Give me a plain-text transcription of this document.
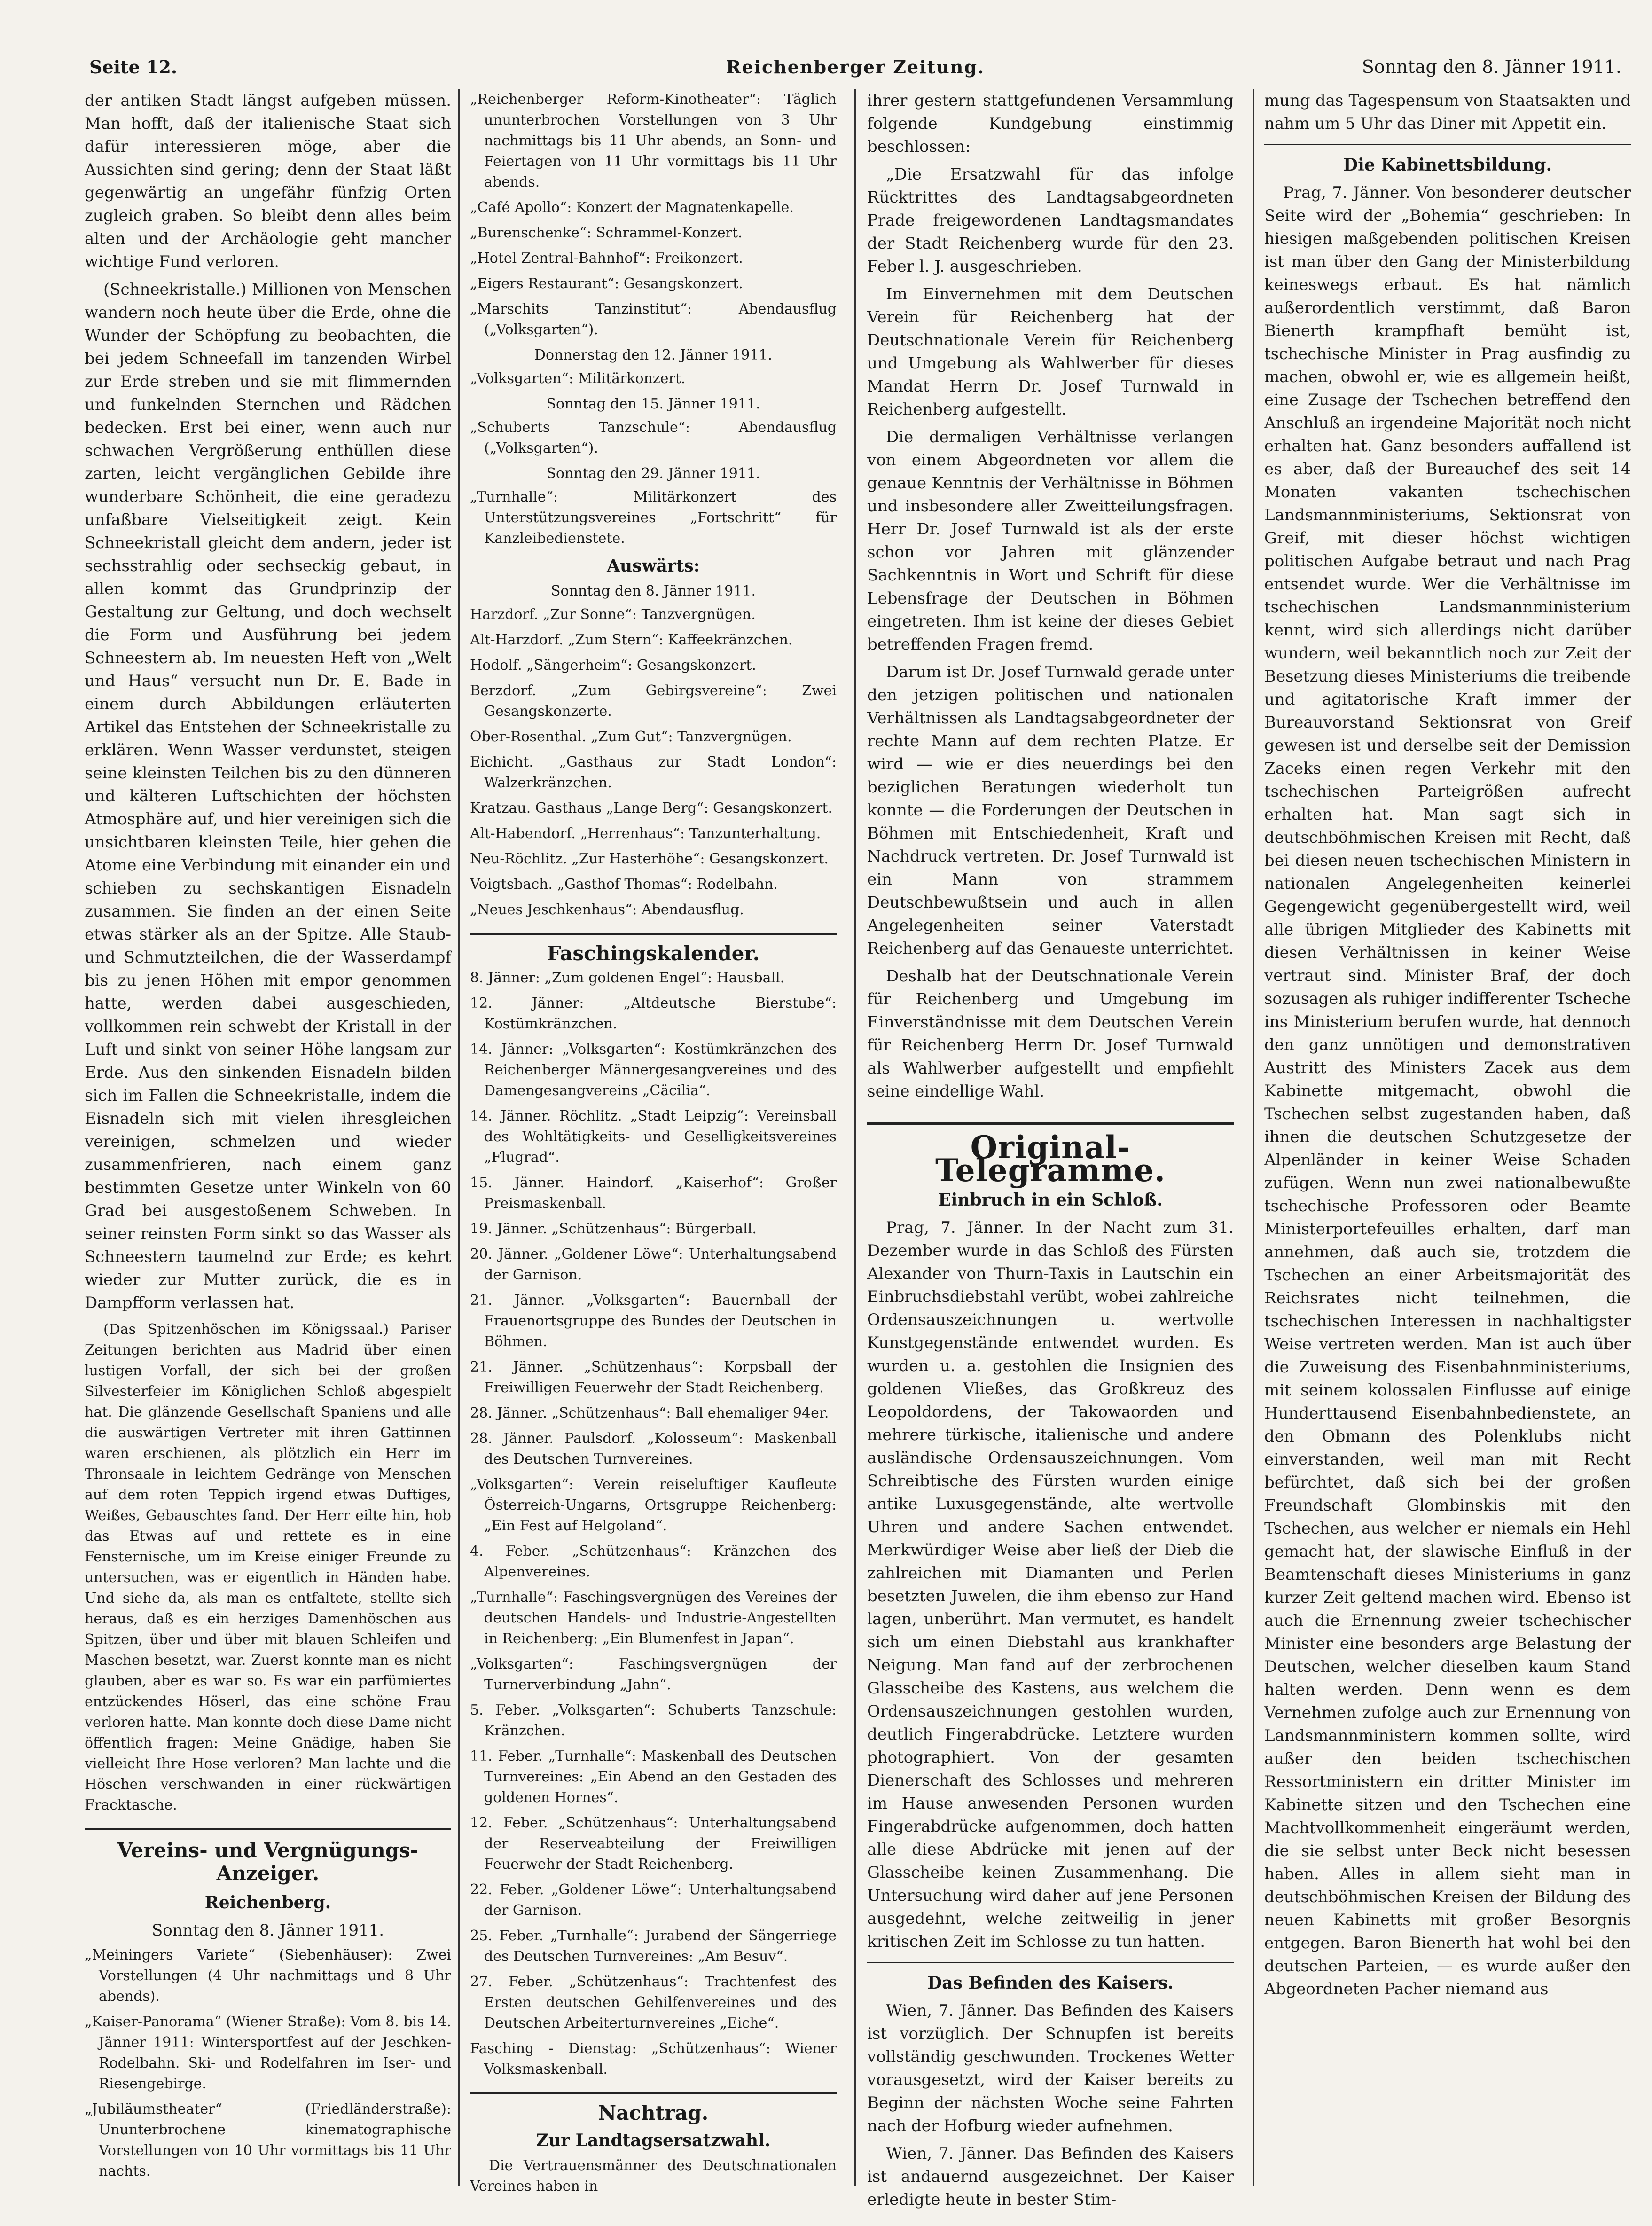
Seite 12.	Reichenberger Zeitung.	Sonntag den 8. Jänner 1911.

der antiken Stadt längst aufgeben müssen. Man hofft, daß der italienische Staat sich dafür interessieren möge, aber die Aussichten sind gering; denn der Staat läßt gegenwärtig an ungefähr fünfzig Orten zugleich graben. So bleibt denn alles beim alten und der Archäologie geht mancher wichtige Fund verloren.

(Schneekristalle.) Millionen von Menschen wandern noch heute über die Erde, ohne die Wunder der Schöpfung zu beobachten, die bei jedem Schneefall im tanzenden Wirbel zur Erde streben und sie mit flimmernden und funkelnden Sternchen und Rädchen bedecken. Erst bei einer, wenn auch nur schwachen Vergrößerung enthüllen diese zarten, leicht vergänglichen Gebilde ihre wunderbare Schönheit, die eine geradezu unfaßbare Vielseitigkeit zeigt. Kein Schneekristall gleicht dem andern, jeder ist sechsstrahlig oder sechseckig gebaut, in allen kommt das Grundprinzip der Gestaltung zur Geltung, und doch wechselt die Form und Ausführung bei jedem Schneestern ab. Im neuesten Heft von „Welt und Haus“ versucht nun Dr. E. Bade in einem durch Abbildungen erläuterten Artikel das Entstehen der Schneekristalle zu erklären. Wenn Wasser verdunstet, steigen seine kleinsten Teilchen bis zu den dünneren und kälteren Luftschichten der höchsten Atmosphäre auf, und hier vereinigen sich die unsichtbaren kleinsten Teile, hier gehen die Atome eine Verbindung mit einander ein und schieben zu sechskantigen Eisnadeln zusammen. Sie finden an der einen Seite etwas stärker als an der Spitze. Alle Staub- und Schmutzteilchen, die der Wasserdampf bis zu jenen Höhen mit empor genommen hatte, werden dabei ausgeschieden, vollkommen rein schwebt der Kristall in der Luft und sinkt von seiner Höhe langsam zur Erde. Aus den sinkenden Eisnadeln bilden sich im Fallen die Schneekristalle, indem die Eisnadeln sich mit vielen ihresgleichen vereinigen, schmelzen und wieder zusammenfrieren, nach einem ganz bestimmten Gesetze unter Winkeln von 60 Grad bei ausgestoßenem Schweben. In seiner reinsten Form sinkt so das Wasser als Schneestern taumelnd zur Erde; es kehrt wieder zur Mutter zurück, die es in Dampfform verlassen hat.

(Das Spitzenhöschen im Königssaal.) Pariser Zeitungen berichten aus Madrid über einen lustigen Vorfall, der sich bei der großen Silvesterfeier im Königlichen Schloß abgespielt hat. Die glänzende Gesellschaft Spaniens und alle die auswärtigen Vertreter mit ihren Gattinnen waren erschienen, als plötzlich ein Herr im Thronsaale in leichtem Gedränge von Menschen auf dem roten Teppich irgend etwas Duftiges, Weißes, Gebauschtes fand. Der Herr eilte hin, hob das Etwas auf und rettete es in eine Fensternische, um im Kreise einiger Freunde zu untersuchen, was er eigentlich in Händen habe. Und siehe da, als man es entfaltete, stellte sich heraus, daß es ein herziges Damenhöschen aus Spitzen, über und über mit blauen Schleifen und Maschen besetzt, war. Zuerst konnte man es nicht glauben, aber es war so. Es war ein parfümiertes entzückendes Höserl, das eine schöne Frau verloren hatte. Man konnte doch diese Dame nicht öffentlich fragen: Meine Gnädige, haben Sie vielleicht Ihre Hose verloren? Man lachte und die Höschen verschwanden in einer rückwärtigen Fracktasche.

Vereins- und Vergnügungs-Anzeiger.
Reichenberg.
Sonntag den 8. Jänner 1911.

„Meiningers Variete“ (Siebenhäuser): Zwei Vorstellungen (4 Uhr nachmittags und 8 Uhr abends).

„Kaiser-Panorama“ (Wiener Straße): Vom 8. bis 14. Jänner 1911: Wintersportfest auf der Jeschken-Rodelbahn. Ski- und Rodelfahren im Iser- und Riesengebirge.

„Jubiläumstheater“ (Friedländerstraße): Ununterbrochene kinematographische Vorstellungen von 10 Uhr vormittags bis 11 Uhr nachts.

„Reichenberger Reform-Kinotheater“: Täglich ununterbrochen Vorstellungen von 3 Uhr nachmittags bis 11 Uhr abends, an Sonn- und Feiertagen von 11 Uhr vormittags bis 11 Uhr abends.

„Café Apollo“: Konzert der Magnatenkapelle.

„Burenschenke“: Schrammel-Konzert.

„Hotel Zentral-Bahnhof“: Freikonzert.

„Eigers Restaurant“: Gesangskonzert.

„Marschits Tanzinstitut“: Abendausflug („Volksgarten“).

Donnerstag den 12. Jänner 1911.

„Volksgarten“: Militärkonzert.

Sonntag den 15. Jänner 1911.

„Schuberts Tanzschule“: Abendausflug („Volksgarten“).

Sonntag den 29. Jänner 1911.

„Turnhalle“: Militärkonzert des Unterstützungsvereines „Fortschritt“ für Kanzleibedienstete.

Auswärts:
Sonntag den 8. Jänner 1911.

Harzdorf. „Zur Sonne“: Tanzvergnügen.

Alt-Harzdorf. „Zum Stern“: Kaffeekränzchen.

Hodolf. „Sängerheim“: Gesangskonzert.

Berzdorf. „Zum Gebirgsvereine“: Zwei Gesangskonzerte.

Ober-Rosenthal. „Zum Gut“: Tanzvergnügen.

Eichicht. „Gasthaus zur Stadt London“: Walzerkränzchen.

Kratzau. Gasthaus „Lange Berg“: Gesangskonzert.

Alt-Habendorf. „Herrenhaus“: Tanzunterhaltung.

Neu-Röchlitz. „Zur Hasterhöhe“: Gesangskonzert.

Voigtsbach. „Gasthof Thomas“: Rodelbahn.

„Neues Jeschkenhaus“: Abendausflug.

Faschingskalender.

8. Jänner: „Zum goldenen Engel“: Hausball.

12. Jänner: „Altdeutsche Bierstube“: Kostümkränzchen.

14. Jänner: „Volksgarten“: Kostümkränzchen des Reichenberger Männergesangvereines und des Damengesangvereins „Cäcilia“.

14. Jänner. Röchlitz. „Stadt Leipzig“: Vereinsball des Wohltätigkeits- und Geselligkeitsvereines „Flugrad“.

15. Jänner. Haindorf. „Kaiserhof“: Großer Preismaskenball.

19. Jänner. „Schützenhaus“: Bürgerball.

20. Jänner. „Goldener Löwe“: Unterhaltungsabend der Garnison.

21. Jänner. „Volksgarten“: Bauernball der Frauenortsgruppe des Bundes der Deutschen in Böhmen.

21. Jänner. „Schützenhaus“: Korpsball der Freiwilligen Feuerwehr der Stadt Reichenberg.

28. Jänner. „Schützenhaus“: Ball ehemaliger 94er.

28. Jänner. Paulsdorf. „Kolosseum“: Maskenball des Deutschen Turnvereines.

„Volksgarten“: Verein reiseluftiger Kaufleute Österreich-Ungarns, Ortsgruppe Reichenberg: „Ein Fest auf Helgoland“.

4. Feber. „Schützenhaus“: Kränzchen des Alpenvereines.

„Turnhalle“: Faschingsvergnügen des Vereines der deutschen Handels- und Industrie-Angestellten in Reichenberg: „Ein Blumenfest in Japan“.

„Volksgarten“: Faschingsvergnügen der Turnerverbindung „Jahn“.

5. Feber. „Volksgarten“: Schuberts Tanzschule: Kränzchen.

11. Feber. „Turnhalle“: Maskenball des Deutschen Turnvereines: „Ein Abend an den Gestaden des goldenen Hornes“.

12. Feber. „Schützenhaus“: Unterhaltungsabend der Reserveabteilung der Freiwilligen Feuerwehr der Stadt Reichenberg.

22. Feber. „Goldener Löwe“: Unterhaltungsabend der Garnison.

25. Feber. „Turnhalle“: Jurabend der Sängerriege des Deutschen Turnvereines: „Am Besuv“.

27. Feber. „Schützenhaus“: Trachtenfest des Ersten deutschen Gehilfenvereines und des Deutschen Arbeiterturnvereines „Eiche“.

Fasching - Dienstag: „Schützenhaus“: Wiener Volksmaskenball.

Nachtrag.
Zur Landtagsersatzwahl.

Die Vertrauensmänner des Deutschnationalen Vereines haben in

ihrer gestern stattgefundenen Versammlung folgende Kundgebung einstimmig beschlossen:

„Die Ersatzwahl für das infolge Rücktrittes des Landtagsabgeordneten Prade freigewordenen Landtagsmandates der Stadt Reichenberg wurde für den 23. Feber l. J. ausgeschrieben.

Im Einvernehmen mit dem Deutschen Verein für Reichenberg hat der Deutschnationale Verein für Reichenberg und Umgebung als Wahlwerber für dieses Mandat Herrn Dr. Josef Turnwald in Reichenberg aufgestellt.

Die dermaligen Verhältnisse verlangen von einem Abgeordneten vor allem die genaue Kenntnis der Verhältnisse in Böhmen und insbesondere aller Zweitteilungsfragen. Herr Dr. Josef Turnwald ist als der erste schon vor Jahren mit glänzender Sachkenntnis in Wort und Schrift für diese Lebensfrage der Deutschen in Böhmen eingetreten. Ihm ist keine der dieses Gebiet betreffenden Fragen fremd.

Darum ist Dr. Josef Turnwald gerade unter den jetzigen politischen und nationalen Verhältnissen als Landtagsabgeordneter der rechte Mann auf dem rechten Platze. Er wird — wie er dies neuerdings bei den beziglichen Beratungen wiederholt tun konnte — die Forderungen der Deutschen in Böhmen mit Entschiedenheit, Kraft und Nachdruck vertreten. Dr. Josef Turnwald ist ein Mann von strammem Deutschbewußtsein und auch in allen Angelegenheiten seiner Vaterstadt Reichenberg auf das Genaueste unterrichtet.

Deshalb hat der Deutschnationale Verein für Reichenberg und Umgebung im Einverständnisse mit dem Deutschen Verein für Reichenberg Herrn Dr. Josef Turnwald als Wahlwerber aufgestellt und empfiehlt seine eindellige Wahl.

Original-Telegramme.
Einbruch in ein Schloß.

Prag, 7. Jänner. In der Nacht zum 31. Dezember wurde in das Schloß des Fürsten Alexander von Thurn-Taxis in Lautschin ein Einbruchsdiebstahl verübt, wobei zahlreiche Ordensauszeichnungen u. wertvolle Kunstgegenstände entwendet wurden. Es wurden u. a. gestohlen die Insignien des goldenen Vließes, das Großkreuz des Leopoldordens, der Takowaorden und mehrere türkische, italienische und andere ausländische Ordensauszeichnungen. Vom Schreibtische des Fürsten wurden einige antike Luxusgegenstände, alte wertvolle Uhren und andere Sachen entwendet. Merkwürdiger Weise aber ließ der Dieb die zahlreichen mit Diamanten und Perlen besetzten Juwelen, die ihm ebenso zur Hand lagen, unberührt. Man vermutet, es handelt sich um einen Diebstahl aus krankhafter Neigung. Man fand auf der zerbrochenen Glasscheibe des Kastens, aus welchem die Ordensauszeichnungen gestohlen wurden, deutlich Fingerabdrücke. Letztere wurden photographiert. Von der gesamten Dienerschaft des Schlosses und mehreren im Hause anwesenden Personen wurden Fingerabdrücke aufgenommen, doch hatten alle diese Abdrücke mit jenen auf der Glasscheibe keinen Zusammenhang. Die Untersuchung wird daher auf jene Personen ausgedehnt, welche zeitweilig in jener kritischen Zeit im Schlosse zu tun hatten.

Das Befinden des Kaisers.

Wien, 7. Jänner. Das Befinden des Kaisers ist vorzüglich. Der Schnupfen ist bereits vollständig geschwunden. Trockenes Wetter vorausgesetzt, wird der Kaiser bereits zu Beginn der nächsten Woche seine Fahrten nach der Hofburg wieder aufnehmen.

Wien, 7. Jänner. Das Befinden des Kaisers ist andauernd ausgezeichnet. Der Kaiser erledigte heute in bester Stim-

mung das Tagespensum von Staatsakten und nahm um 5 Uhr das Diner mit Appetit ein.

Die Kabinettsbildung.

Prag, 7. Jänner. Von besonderer deutscher Seite wird der „Bohemia“ geschrieben: In hiesigen maßgebenden politischen Kreisen ist man über den Gang der Ministerbildung keineswegs erbaut. Es hat nämlich außerordentlich verstimmt, daß Baron Bienerth krampfhaft bemüht ist, tschechische Minister in Prag ausfindig zu machen, obwohl er, wie es allgemein heißt, eine Zusage der Tschechen betreffend den Anschluß an irgendeine Majorität noch nicht erhalten hat. Ganz besonders auffallend ist es aber, daß der Bureauchef des seit 14 Monaten vakanten tschechischen Landsmannministeriums, Sektionsrat von Greif, mit dieser höchst wichtigen politischen Aufgabe betraut und nach Prag entsendet wurde. Wer die Verhältnisse im tschechischen Landsmannministerium kennt, wird sich allerdings nicht darüber wundern, weil bekanntlich noch zur Zeit der Besetzung dieses Ministeriums die treibende und agitatorische Kraft immer der Bureauvorstand Sektionsrat von Greif gewesen ist und derselbe seit der Demission Zaceks einen regen Verkehr mit den tschechischen Parteigrößen aufrecht erhalten hat. Man sagt sich in deutschböhmischen Kreisen mit Recht, daß bei diesen neuen tschechischen Ministern in nationalen Angelegenheiten keinerlei Gegengewicht gegenübergestellt wird, weil alle übrigen Mitglieder des Kabinetts mit diesen Verhältnissen in keiner Weise vertraut sind. Minister Braf, der doch sozusagen als ruhiger indifferenter Tscheche ins Ministerium berufen wurde, hat dennoch den ganz unnötigen und demonstrativen Austritt des Ministers Zacek aus dem Kabinette mitgemacht, obwohl die Tschechen selbst zugestanden haben, daß ihnen die deutschen Schutzgesetze der Alpenländer in keiner Weise Schaden zufügen. Wenn nun zwei nationalbewußte tschechische Professoren oder Beamte Ministerportefeuilles erhalten, darf man annehmen, daß auch sie, trotzdem die Tschechen an einer Arbeitsmajorität des Reichsrates nicht teilnehmen, die tschechischen Interessen in nachhaltigster Weise vertreten werden. Man ist auch über die Zuweisung des Eisenbahnministeriums, mit seinem kolossalen Einflusse auf einige Hunderttausend Eisenbahnbedienstete, an den Obmann des Polenklubs nicht einverstanden, weil man mit Recht befürchtet, daß sich bei der großen Freundschaft Glombinskis mit den Tschechen, aus welcher er niemals ein Hehl gemacht hat, der slawische Einfluß in der Beamtenschaft dieses Ministeriums in ganz kurzer Zeit geltend machen wird. Ebenso ist auch die Ernennung zweier tschechischer Minister eine besonders arge Belastung der Deutschen, welcher dieselben kaum Stand halten werden. Denn wenn es dem Vernehmen zufolge auch zur Ernennung von Landsmannministern kommen sollte, wird außer den beiden tschechischen Ressortministern ein dritter Minister im Kabinette sitzen und den Tschechen eine Machtvollkommenheit eingeräumt werden, die sie selbst unter Beck nicht besessen haben. Alles in allem sieht man in deutschböhmischen Kreisen der Bildung des neuen Kabinetts mit großer Besorgnis entgegen. Baron Bienerth hat wohl bei den deutschen Parteien, — es wurde außer den Abgeordneten Pacher niemand aus
